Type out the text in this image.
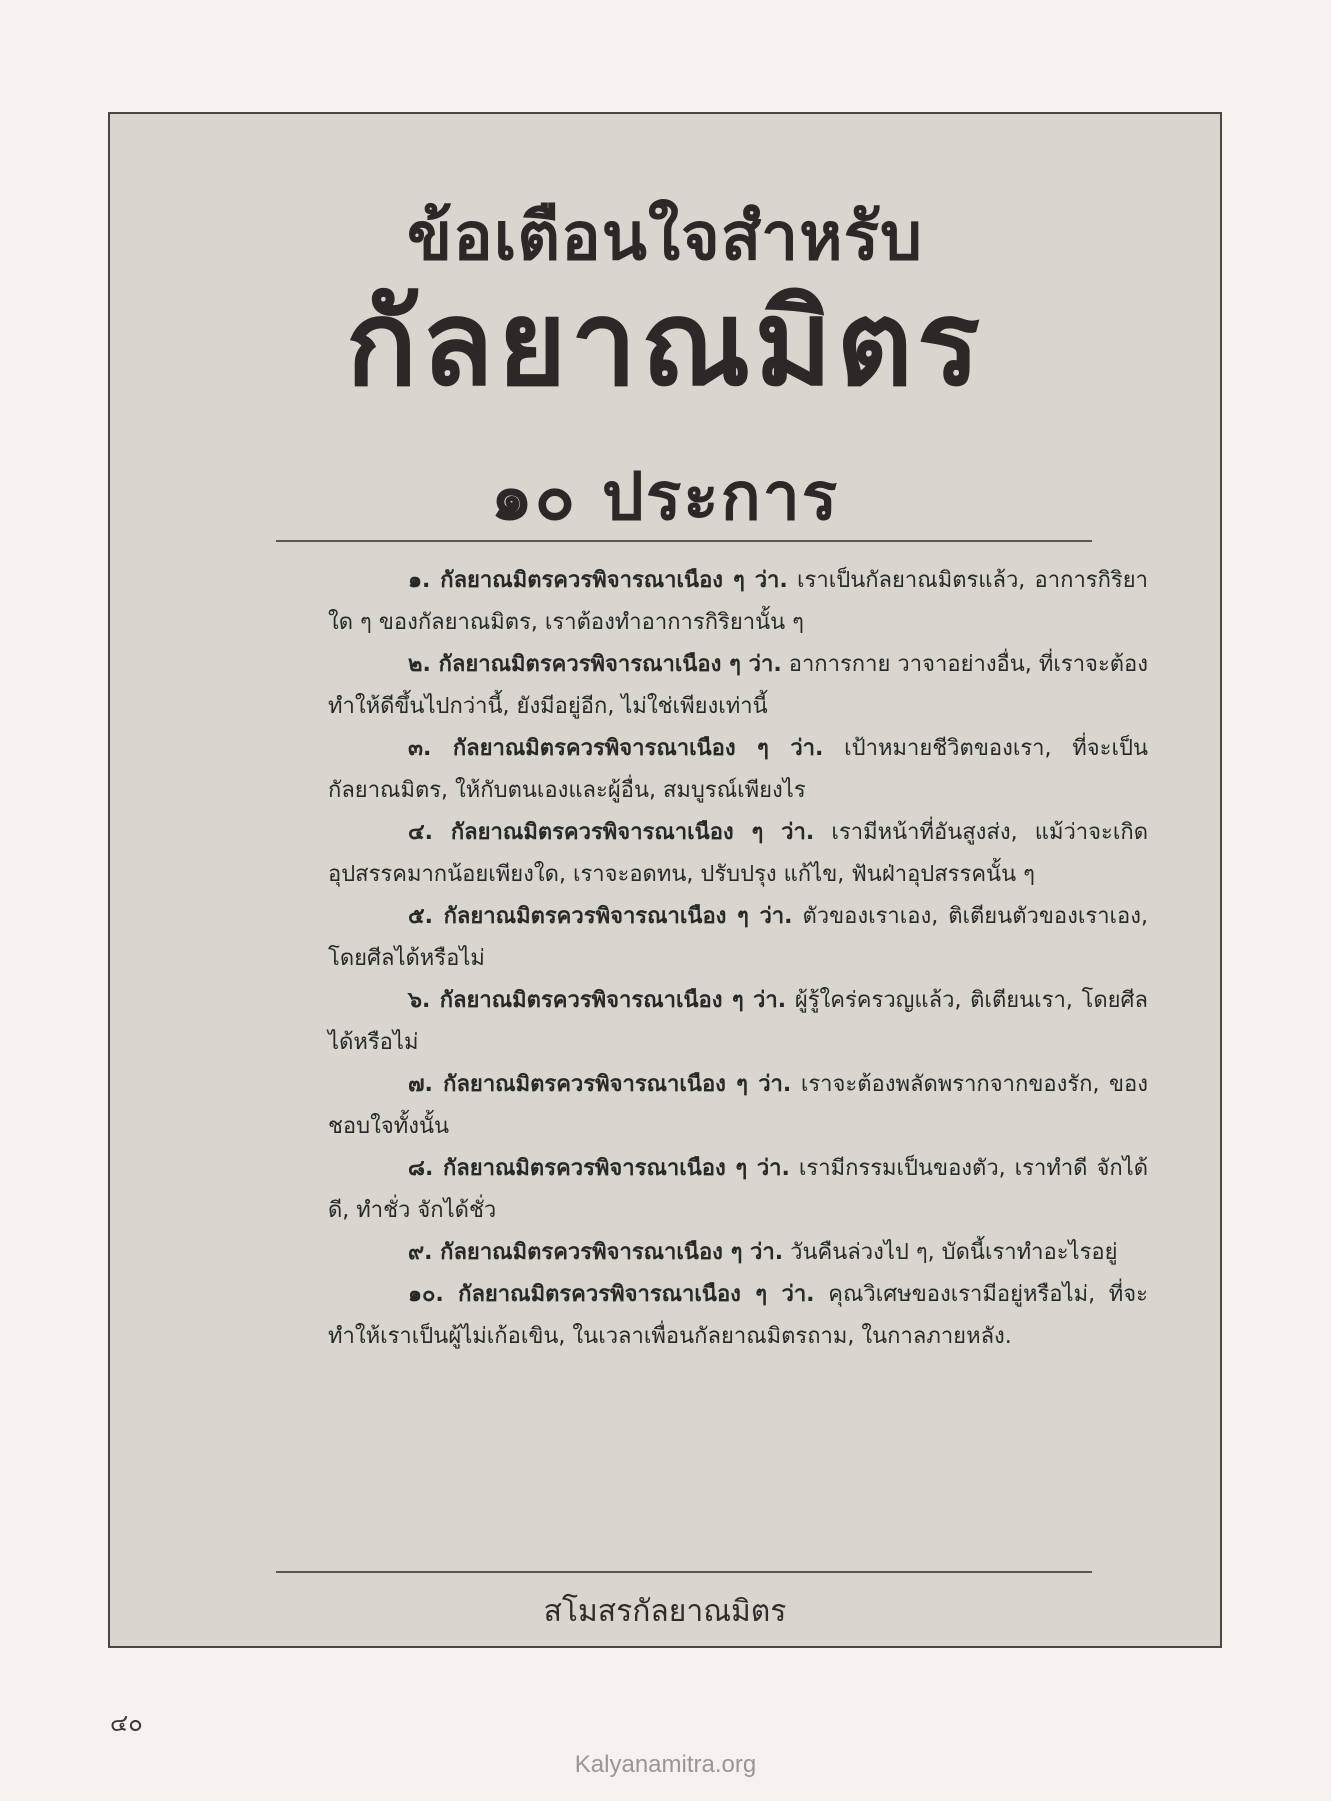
ข้อเตือนใจสำหรับ
กัลยาณมิตร
๑๐ ประการ

๑. กัลยาณมิตรควรพิจารณาเนือง ๆ ว่า. เราเป็นกัลยาณมิตรแล้ว, อาการกิริยาใด ๆ ของกัลยาณมิตร, เราต้องทำอาการกิริยานั้น ๆ

๒. กัลยาณมิตรควรพิจารณาเนือง ๆ ว่า. อาการกาย วาจาอย่างอื่น, ที่เราจะต้องทำให้ดีขึ้นไปกว่านี้, ยังมีอยู่อีก, ไม่ใช่เพียงเท่านี้

๓. กัลยาณมิตรควรพิจารณาเนือง ๆ ว่า. เป้าหมายชีวิตของเรา, ที่จะเป็นกัลยาณมิตร, ให้กับตนเองและผู้อื่น, สมบูรณ์เพียงไร

๔. กัลยาณมิตรควรพิจารณาเนือง ๆ ว่า. เรามีหน้าที่อันสูงส่ง, แม้ว่าจะเกิดอุปสรรคมากน้อยเพียงใด, เราจะอดทน, ปรับปรุง แก้ไข, ฟันฝ่าอุปสรรคนั้น ๆ

๕. กัลยาณมิตรควรพิจารณาเนือง ๆ ว่า. ตัวของเราเอง, ติเตียนตัวของเราเอง, โดยศีลได้หรือไม่

๖. กัลยาณมิตรควรพิจารณาเนือง ๆ ว่า. ผู้รู้ใคร่ครวญแล้ว, ติเตียนเรา, โดยศีลได้หรือไม่

๗. กัลยาณมิตรควรพิจารณาเนือง ๆ ว่า. เราจะต้องพลัดพรากจากของรัก, ของชอบใจทั้งนั้น

๘. กัลยาณมิตรควรพิจารณาเนือง ๆ ว่า. เรามีกรรมเป็นของตัว, เราทำดี จักได้ดี, ทำชั่ว จักได้ชั่ว

๙. กัลยาณมิตรควรพิจารณาเนือง ๆ ว่า. วันคืนล่วงไป ๆ, บัดนี้เราทำอะไรอยู่

๑๐. กัลยาณมิตรควรพิจารณาเนือง ๆ ว่า. คุณวิเศษของเรามีอยู่หรือไม่, ที่จะทำให้เราเป็นผู้ไม่เก้อเขิน, ในเวลาเพื่อนกัลยาณมิตรถาม, ในกาลภายหลัง.

สโมสรกัลยาณมิตร
๔๐
Kalyanamitra.org
